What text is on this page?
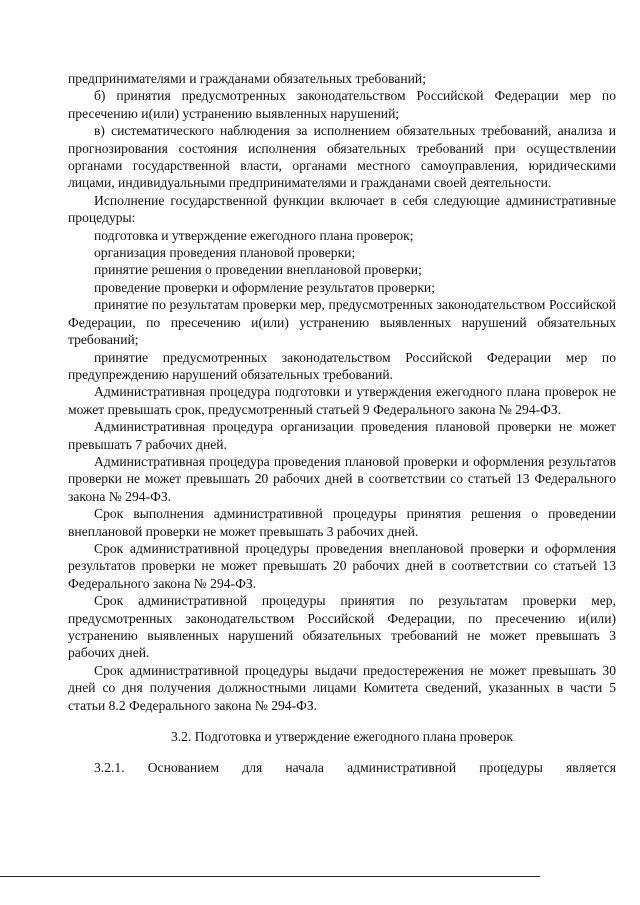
предпринимателями и гражданами обязательных требований;

б) принятия предусмотренных законодательством Российской Федерации мер по пресечению и(или) устранению выявленных нарушений;

в) систематического наблюдения за исполнением обязательных требований, анализа и прогнозирования состояния исполнения обязательных требований при осуществлении органами государственной власти, органами местного самоуправления, юридическими лицами, индивидуальными предпринимателями и гражданами своей деятельности.

Исполнение государственной функции включает в себя следующие административные процедуры:

подготовка и утверждение ежегодного плана проверок;

организация проведения плановой проверки;

принятие решения о проведении внеплановой проверки;

проведение проверки и оформление результатов проверки;

принятие по результатам проверки мер, предусмотренных законодательством Российской Федерации, по пресечению и(или) устранению выявленных нарушений обязательных требований;

принятие предусмотренных законодательством Российской Федерации мер по предупреждению нарушений обязательных требований.

Административная процедура подготовки и утверждения ежегодного плана проверок не может превышать срок, предусмотренный статьей 9 Федерального закона № 294-ФЗ.

Административная процедура организации проведения плановой проверки не может превышать 7 рабочих дней.

Административная процедура проведения плановой проверки и оформления результатов проверки не может превышать 20 рабочих дней в соответствии со статьей 13 Федерального закона № 294-ФЗ.

Срок выполнения административной процедуры принятия решения о проведении внеплановой проверки не может превышать 3 рабочих дней.

Срок административной процедуры проведения внеплановой проверки и оформления результатов проверки не может превышать 20 рабочих дней в соответствии со статьей 13 Федерального закона № 294-ФЗ.

Срок административной процедуры принятия по результатам проверки мер, предусмотренных законодательством Российской Федерации, по пресечению и(или) устранению выявленных нарушений обязательных требований не может превышать 3 рабочих дней.

Срок административной процедуры выдачи предостережения не может превышать 30 дней со дня получения должностными лицами Комитета сведений, указанных в части 5 статьи 8.2 Федерального закона № 294-ФЗ.

3.2. Подготовка и утверждение ежегодного плана проверок

3.2.1. Основанием для начала административной процедуры является
